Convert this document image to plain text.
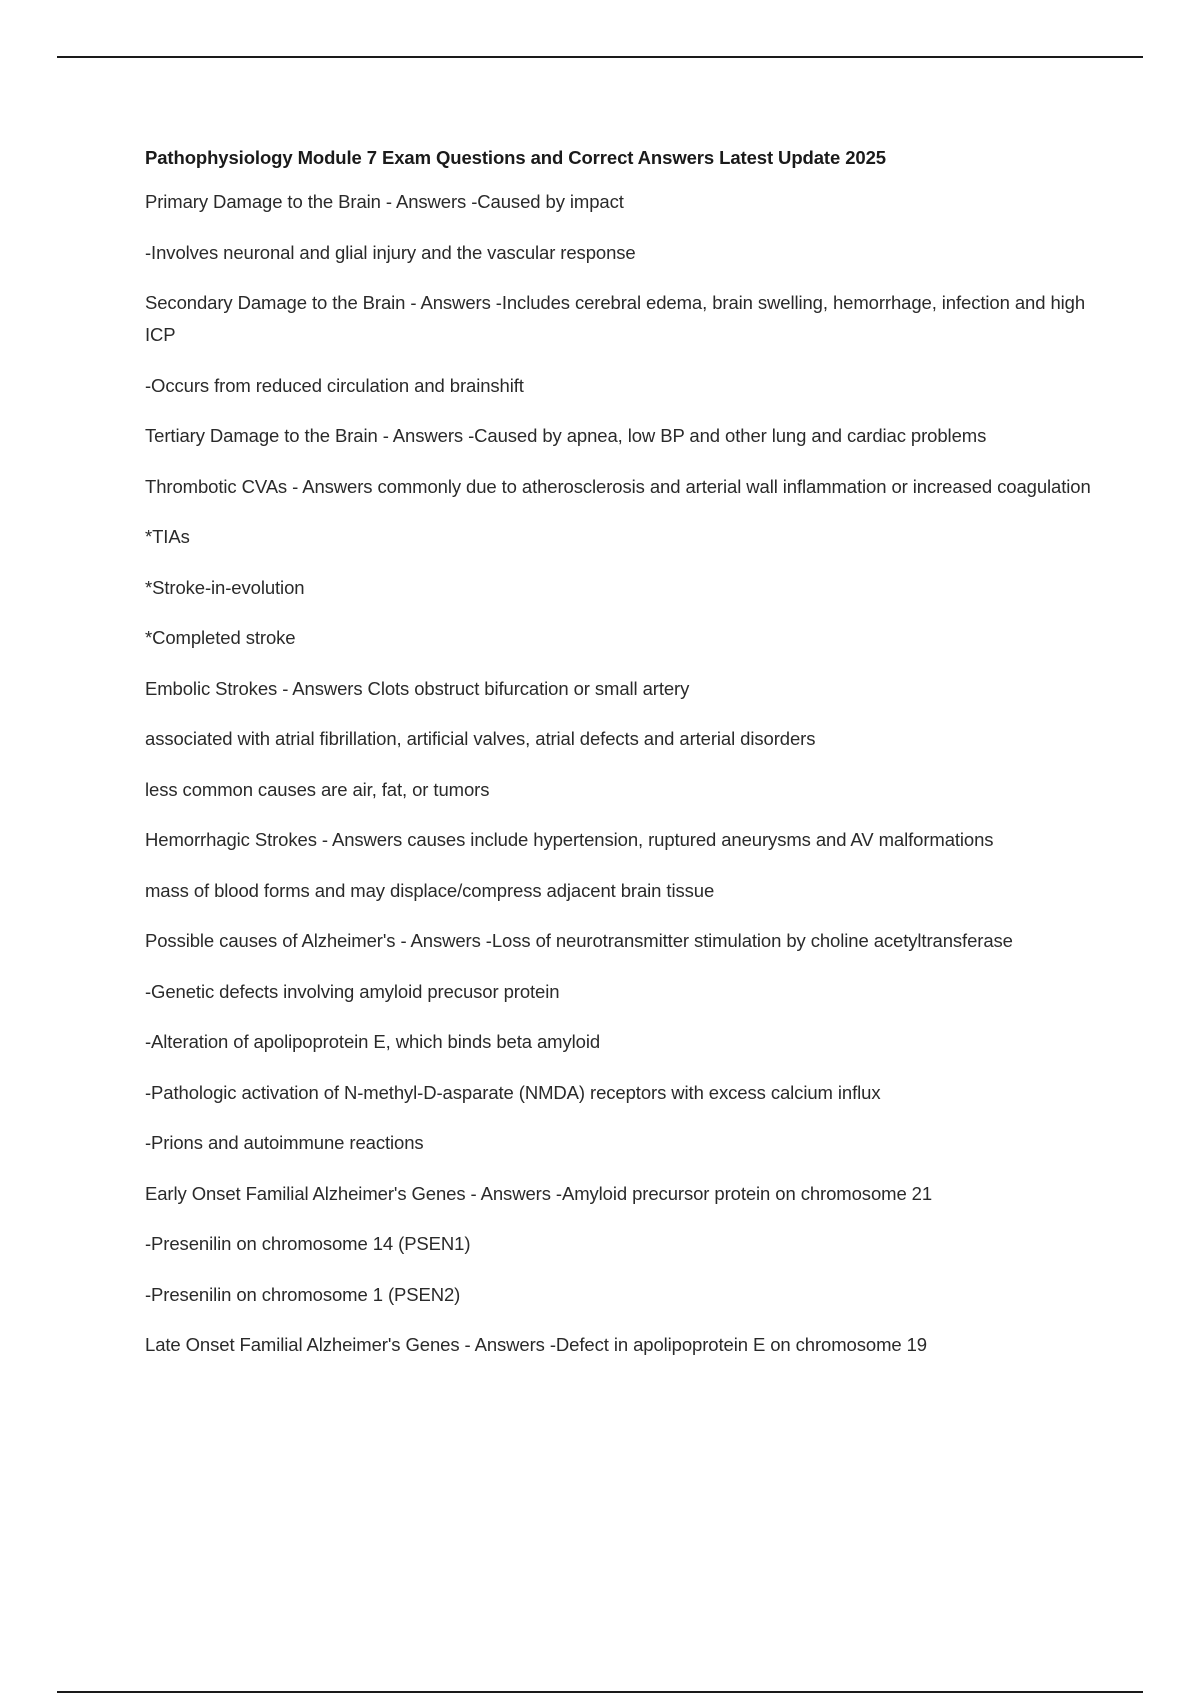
Pathophysiology Module 7 Exam Questions and Correct Answers Latest Update 2025

Primary Damage to the Brain - Answers -Caused by impact

-Involves neuronal and glial injury and the vascular response

Secondary Damage to the Brain - Answers -Includes cerebral edema, brain swelling, hemorrhage, infection and high ICP

-Occurs from reduced circulation and brainshift

Tertiary Damage to the Brain - Answers -Caused by apnea, low BP and other lung and cardiac problems

Thrombotic CVAs - Answers commonly due to atherosclerosis and arterial wall inflammation or increased coagulation

*TIAs

*Stroke-in-evolution

*Completed stroke

Embolic Strokes - Answers Clots obstruct bifurcation or small artery

associated with atrial fibrillation, artificial valves, atrial defects and arterial disorders

less common causes are air, fat, or tumors

Hemorrhagic Strokes - Answers causes include hypertension, ruptured aneurysms and AV malformations

mass of blood forms and may displace/compress adjacent brain tissue

Possible causes of Alzheimer's - Answers -Loss of neurotransmitter stimulation by choline acetyltransferase

-Genetic defects involving amyloid precusor protein

-Alteration of apolipoprotein E, which binds beta amyloid

-Pathologic activation of N-methyl-D-asparate (NMDA) receptors with excess calcium influx

-Prions and autoimmune reactions

Early Onset Familial Alzheimer's Genes - Answers -Amyloid precursor protein on chromosome 21

-Presenilin on chromosome 14 (PSEN1)

-Presenilin on chromosome 1 (PSEN2)

Late Onset Familial Alzheimer's Genes - Answers -Defect in apolipoprotein E on chromosome 19
